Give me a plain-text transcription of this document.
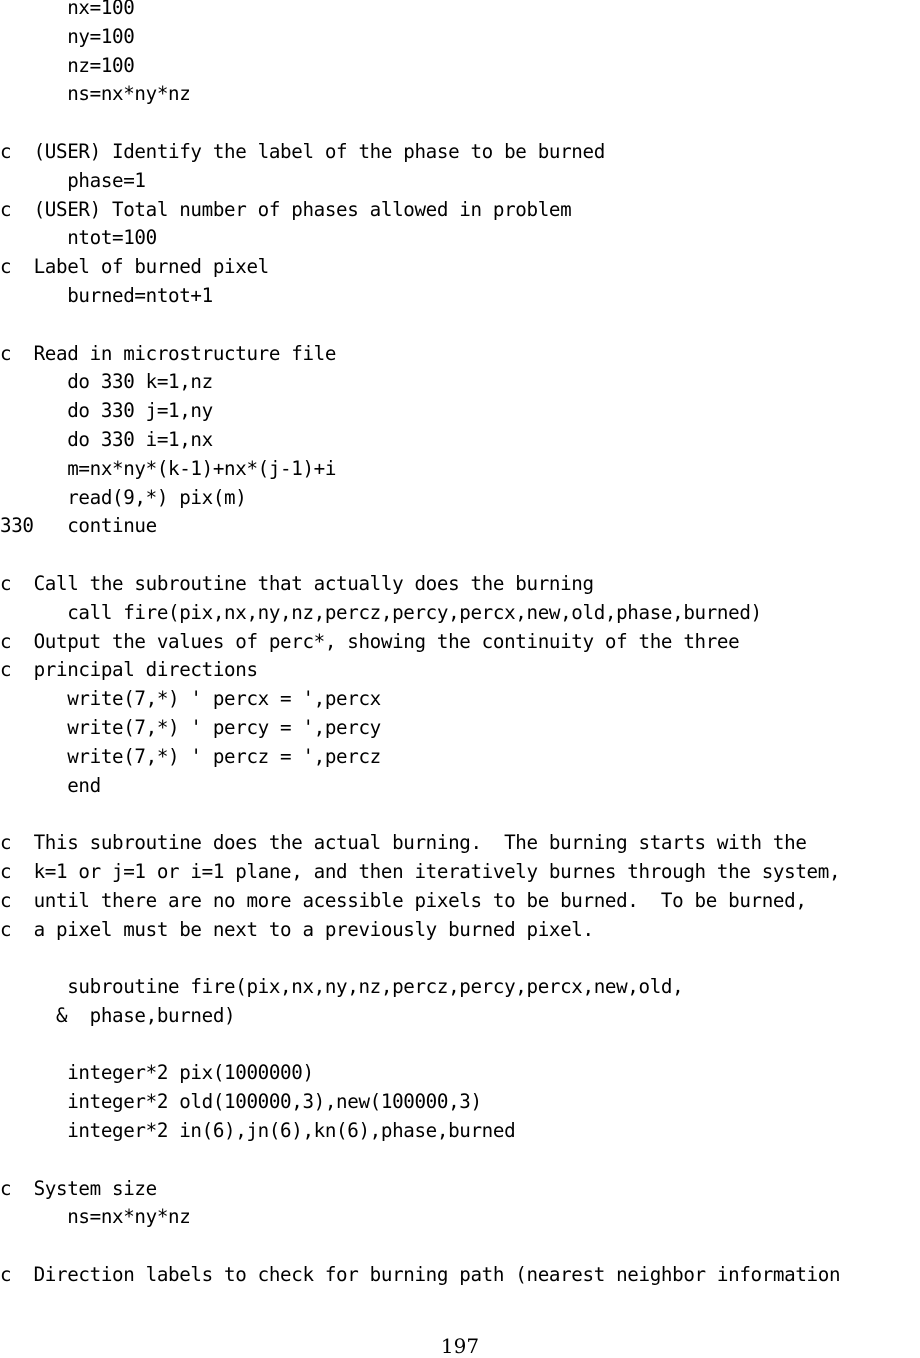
nx=100
ny=100
nz=100
ns=nx*ny*nz
c  (USER) Identify the label of the phase to be burned
phase=1
c  (USER) Total number of phases allowed in problem
ntot=100
c  Label of burned pixel
burned=ntot+1
c  Read in microstructure file
do 330 k=1,nz
do 330 j=1,ny
do 330 i=1,nx
m=nx*ny*(k-1)+nx*(j-1)+i
read(9,*) pix(m)
330   continue
c  Call the subroutine that actually does the burning
call fire(pix,nx,ny,nz,percz,percy,percx,new,old,phase,burned)
c  Output the values of perc*, showing the continuity of the three
c  principal directions
write(7,*) ' percx = ',percx
write(7,*) ' percy = ',percy
write(7,*) ' percz = ',percz
end
c  This subroutine does the actual burning.  The burning starts with the
c  k=1 or j=1 or i=1 plane, and then iteratively burnes through the system,
c  until there are no more acessible pixels to be burned.  To be burned,
c  a pixel must be next to a previously burned pixel.
subroutine fire(pix,nx,ny,nz,percz,percy,percx,new,old,
&  phase,burned)
integer*2 pix(1000000)
integer*2 old(100000,3),new(100000,3)
integer*2 in(6),jn(6),kn(6),phase,burned
c  System size
ns=nx*ny*nz
c  Direction labels to check for burning path (nearest neighbor information
197
